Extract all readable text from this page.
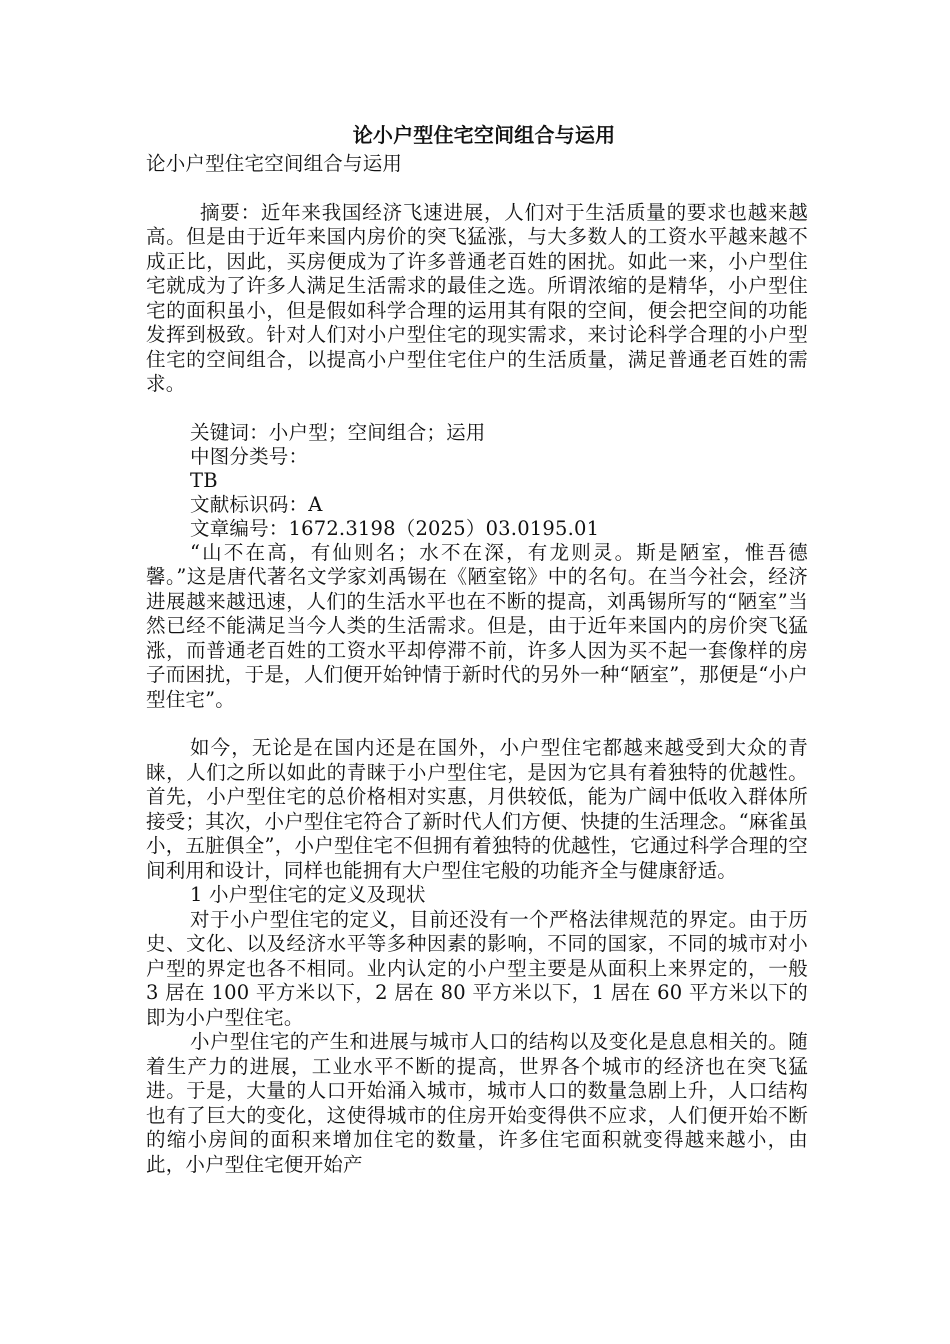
论小户型住宅空间组合与运用

论小户型住宅空间组合与运用

摘要：近年来我国经济飞速进展，人们对于生活质量的要求也越来越高。但是由于近年来国内房价的突飞猛涨，与大多数人的工资水平越来越不成正比，因此，买房便成为了许多普通老百姓的困扰。如此一来，小户型住宅就成为了许多人满足生活需求的最佳之选。所谓浓缩的是精华，小户型住宅的面积虽小，但是假如科学合理的运用其有限的空间，便会把空间的功能发挥到极致。针对人们对小户型住宅的现实需求，来讨论科学合理的小户型住宅的空间组合，以提高小户型住宅住户的生活质量，满足普通老百姓的需求。

关键词：小户型；空间组合；运用
中图分类号：
TB
文献标识码：A
文章编号：1672.3198（2025）03.0195.01

“山不在高，有仙则名；水不在深，有龙则灵。斯是陋室，惟吾德馨。”这是唐代著名文学家刘禹锡在《陋室铭》中的名句。在当今社会，经济进展越来越迅速，人们的生活水平也在不断的提高，刘禹锡所写的“陋室”当然已经不能满足当今人类的生活需求。但是，由于近年来国内的房价突飞猛涨，而普通老百姓的工资水平却停滞不前，许多人因为买不起一套像样的房子而困扰，于是，人们便开始钟情于新时代的另外一种“陋室”，那便是“小户型住宅”。

如今，无论是在国内还是在国外，小户型住宅都越来越受到大众的青睐，人们之所以如此的青睐于小户型住宅，是因为它具有着独特的优越性。首先，小户型住宅的总价格相对实惠，月供较低，能为广阔中低收入群体所接受；其次，小户型住宅符合了新时代人们方便、快捷的生活理念。“麻雀虽小，五脏俱全”，小户型住宅不但拥有着独特的优越性，它通过科学合理的空间利用和设计，同样也能拥有大户型住宅般的功能齐全与健康舒适。

1 小户型住宅的定义及现状

对于小户型住宅的定义，目前还没有一个严格法律规范的界定。由于历史、文化、以及经济水平等多种因素的影响，不同的国家，不同的城市对小户型的界定也各不相同。业内认定的小户型主要是从面积上来界定的，一般 3 居在 100 平方米以下，2 居在 80 平方米以下，1 居在 60 平方米以下的即为小户型住宅。

小户型住宅的产生和进展与城市人口的结构以及变化是息息相关的。随着生产力的进展，工业水平不断的提高，世界各个城市的经济也在突飞猛进。于是，大量的人口开始涌入城市，城市人口的数量急剧上升，人口结构也有了巨大的变化，这使得城市的住房开始变得供不应求，人们便开始不断的缩小房间的面积来增加住宅的数量，许多住宅面积就变得越来越小，由此，小户型住宅便开始产
